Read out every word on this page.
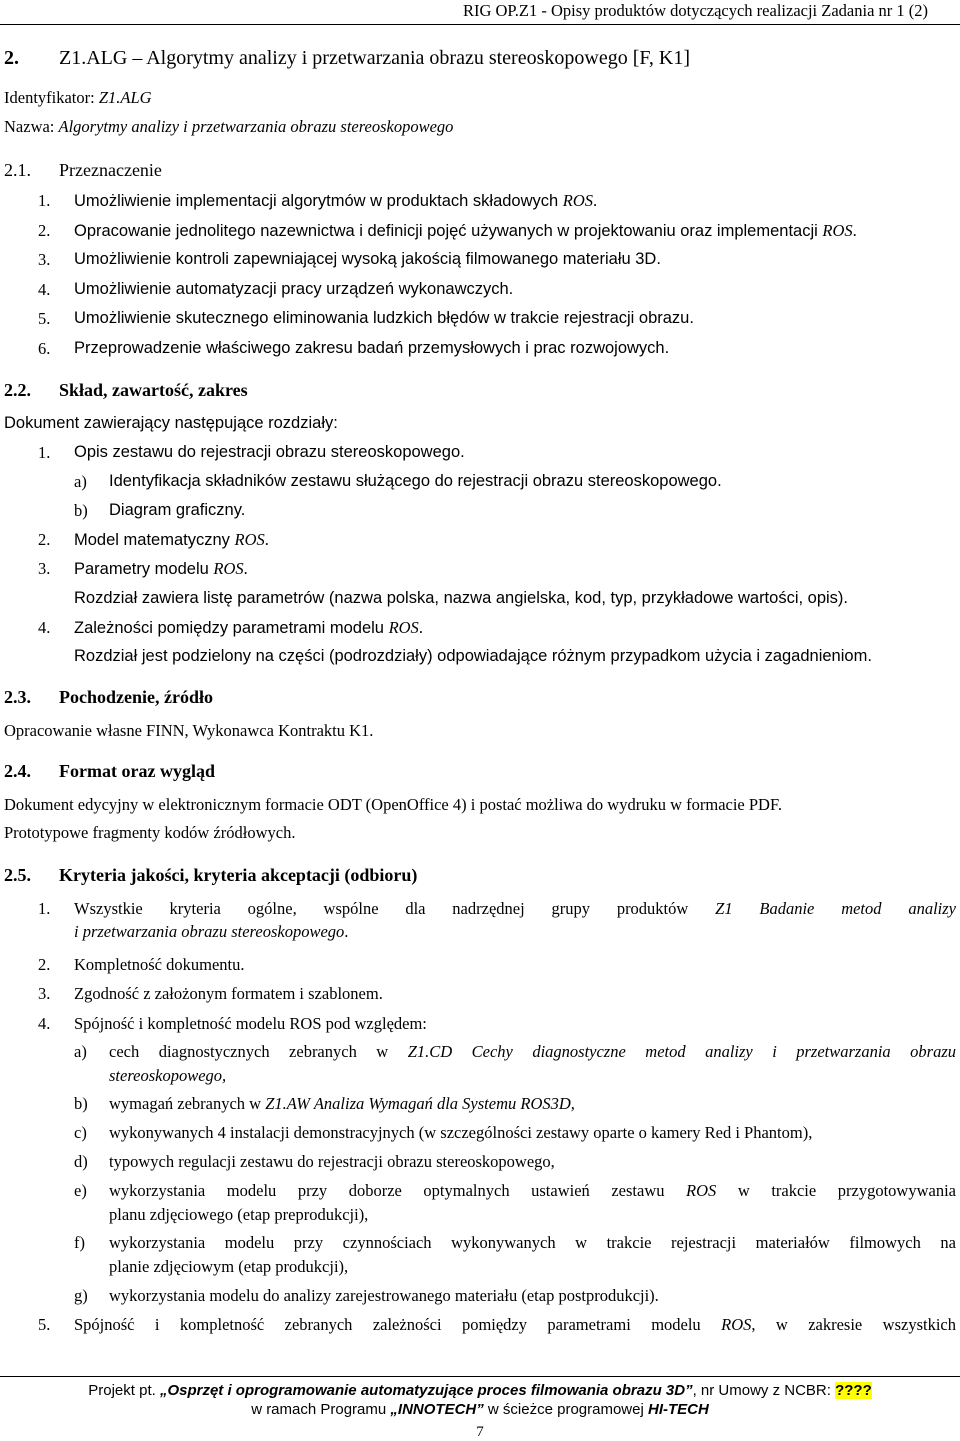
RIG OP.Z1 - Opisy produktów dotyczących realizacji Zadania nr 1 (2)
2. Z1.ALG – Algorytmy analizy i przetwarzania obrazu stereoskopowego [F, K1]
Identyfikator: Z1.ALG
Nazwa: Algorytmy analizy i przetwarzania obrazu stereoskopowego
2.1. Przeznaczenie
1. Umożliwienie implementacji algorytmów w produktach składowych ROS.
2. Opracowanie jednolitego nazewnictwa i definicji pojęć używanych w projektowaniu oraz implementacji ROS.
3. Umożliwienie kontroli zapewniającej wysoką jakością filmowanego materiału 3D.
4. Umożliwienie automatyzacji pracy urządzeń wykonawczych.
5. Umożliwienie skutecznego eliminowania ludzkich błędów w trakcie rejestracji obrazu.
6. Przeprowadzenie właściwego zakresu badań przemysłowych i prac rozwojowych.
2.2. Skład, zawartość, zakres
Dokument zawierający następujące rozdziały:
1. Opis zestawu do rejestracji obrazu stereoskopowego.
a) Identyfikacja składników zestawu służącego do rejestracji obrazu stereoskopowego.
b) Diagram graficzny.
2. Model matematyczny ROS.
3. Parametry modelu ROS.
Rozdział zawiera listę parametrów (nazwa polska, nazwa angielska, kod, typ, przykładowe wartości, opis).
4. Zależności pomiędzy parametrami modelu ROS.
Rozdział jest podzielony na części (podrozdziały) odpowiadające różnym przypadkom użycia i zagadnieniom.
2.3. Pochodzenie, źródło
Opracowanie własne FINN, Wykonawca Kontraktu K1.
2.4. Format oraz wygląd
Dokument edycyjny w elektronicznym formacie ODT (OpenOffice 4) i postać możliwa do wydruku w formacie PDF.
Prototypowe fragmenty kodów źródłowych.
2.5. Kryteria jakości, kryteria akceptacji (odbioru)
1. Wszystkie kryteria ogólne, wspólne dla nadrzędnej grupy produktów Z1 Badanie metod analizy
i przetwarzania obrazu stereoskopowego.
2. Kompletność dokumentu.
3. Zgodność z założonym formatem i szablonem.
4. Spójność i kompletność modelu ROS pod względem:
a) cech diagnostycznych zebranych w Z1.CD Cechy diagnostyczne metod analizy i przetwarzania obrazu
stereoskopowego,
b) wymagań zebranych w Z1.AW Analiza Wymagań dla Systemu ROS3D,
c) wykonywanych 4 instalacji demonstracyjnych (w szczególności zestawy oparte o kamery Red i Phantom),
d) typowych regulacji zestawu do rejestracji obrazu stereoskopowego,
e) wykorzystania modelu przy doborze optymalnych ustawień zestawu ROS w trakcie przygotowywania
planu zdjęciowego (etap preprodukcji),
f) wykorzystania modelu przy czynnościach wykonywanych w trakcie rejestracji materiałów filmowych na
planie zdjęciowym (etap produkcji),
g) wykorzystania modelu do analizy zarejestrowanego materiału (etap postprodukcji).
5. Spójność i kompletność zebranych zależności pomiędzy parametrami modelu ROS, w zakresie wszystkich
Projekt pt. „Osprzęt i oprogramowanie automatyzujące proces filmowania obrazu 3D”, nr Umowy z NCBR: ????
w ramach Programu „INNOTECH” w ścieżce programowej HI-TECH
7
